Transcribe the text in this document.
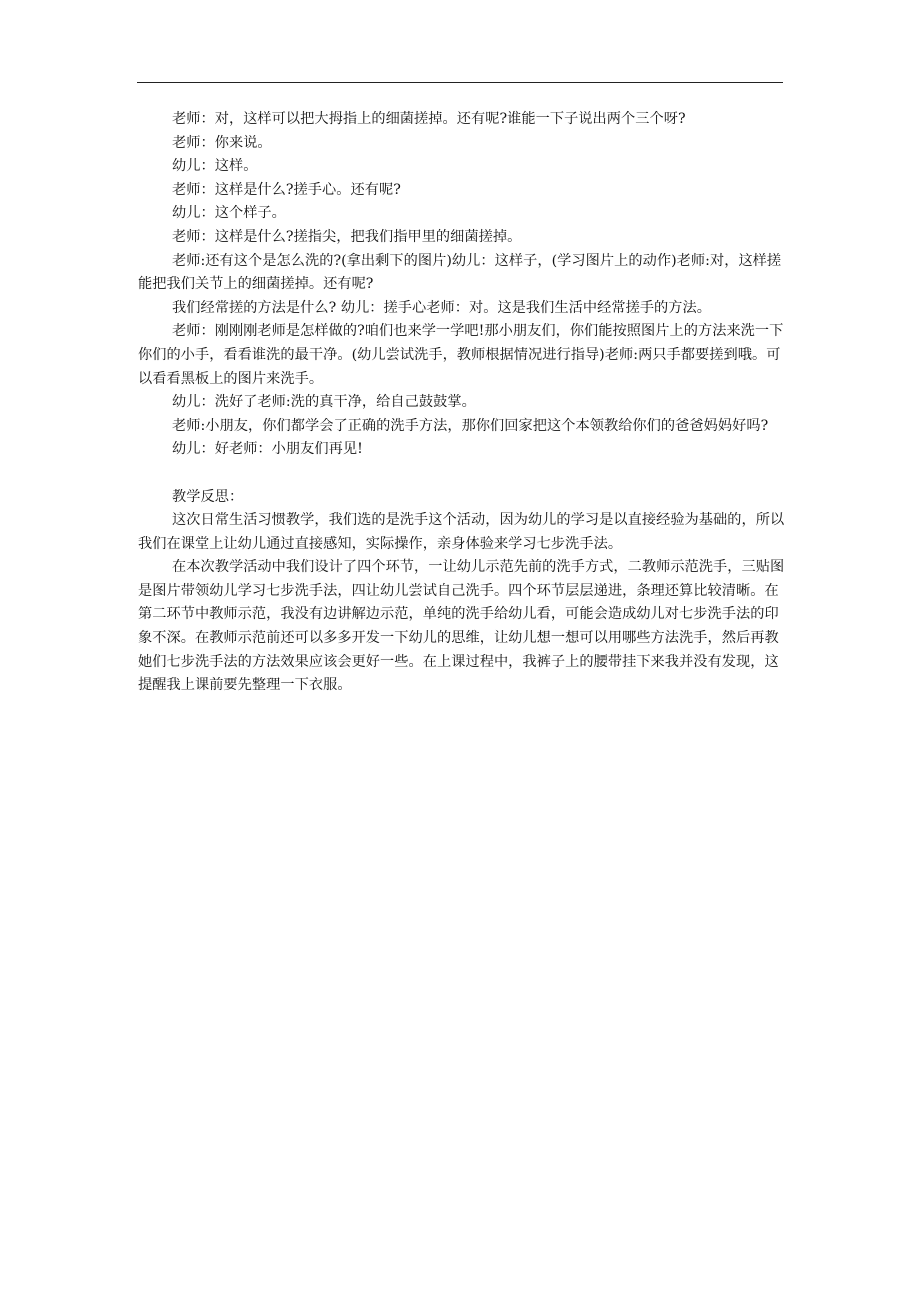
老师：对，这样可以把大拇指上的细菌搓掉。还有呢?谁能一下子说出两个三个呀?

老师：你来说。

幼儿：这样。

老师：这样是什么?搓手心。还有呢?

幼儿：这个样子。

老师：这样是什么?搓指尖，把我们指甲里的细菌搓掉。

老师:还有这个是怎么洗的?(拿出剩下的图片)幼儿：这样子，(学习图片上的动作)老师:对，这样搓能把我们关节上的细菌搓掉。还有呢?

我们经常搓的方法是什么? 幼儿：搓手心老师：对。这是我们生活中经常搓手的方法。

老师：刚刚刚老师是怎样做的?咱们也来学一学吧!那小朋友们，你们能按照图片上的方法来洗一下你们的小手，看看谁洗的最干净。(幼儿尝试洗手，教师根据情况进行指导)老师:两只手都要搓到哦。可以看看黑板上的图片来洗手。

幼儿：洗好了老师:洗的真干净，给自己鼓鼓掌。

老师:小朋友，你们都学会了正确的洗手方法，那你们回家把这个本领教给你们的爸爸妈妈好吗?

幼儿：好老师：小朋友们再见!

教学反思：

这次日常生活习惯教学，我们选的是洗手这个活动，因为幼儿的学习是以直接经验为基础的，所以我们在课堂上让幼儿通过直接感知，实际操作，亲身体验来学习七步洗手法。

在本次教学活动中我们设计了四个环节，一让幼儿示范先前的洗手方式，二教师示范洗手，三贴图是图片带领幼儿学习七步洗手法，四让幼儿尝试自己洗手。四个环节层层递进，条理还算比较清晰。在第二环节中教师示范，我没有边讲解边示范，单纯的洗手给幼儿看，可能会造成幼儿对七步洗手法的印象不深。在教师示范前还可以多多开发一下幼儿的思维，让幼儿想一想可以用哪些方法洗手，然后再教她们七步洗手法的方法效果应该会更好一些。在上课过程中，我裤子上的腰带挂下来我并没有发现，这提醒我上课前要先整理一下衣服。
